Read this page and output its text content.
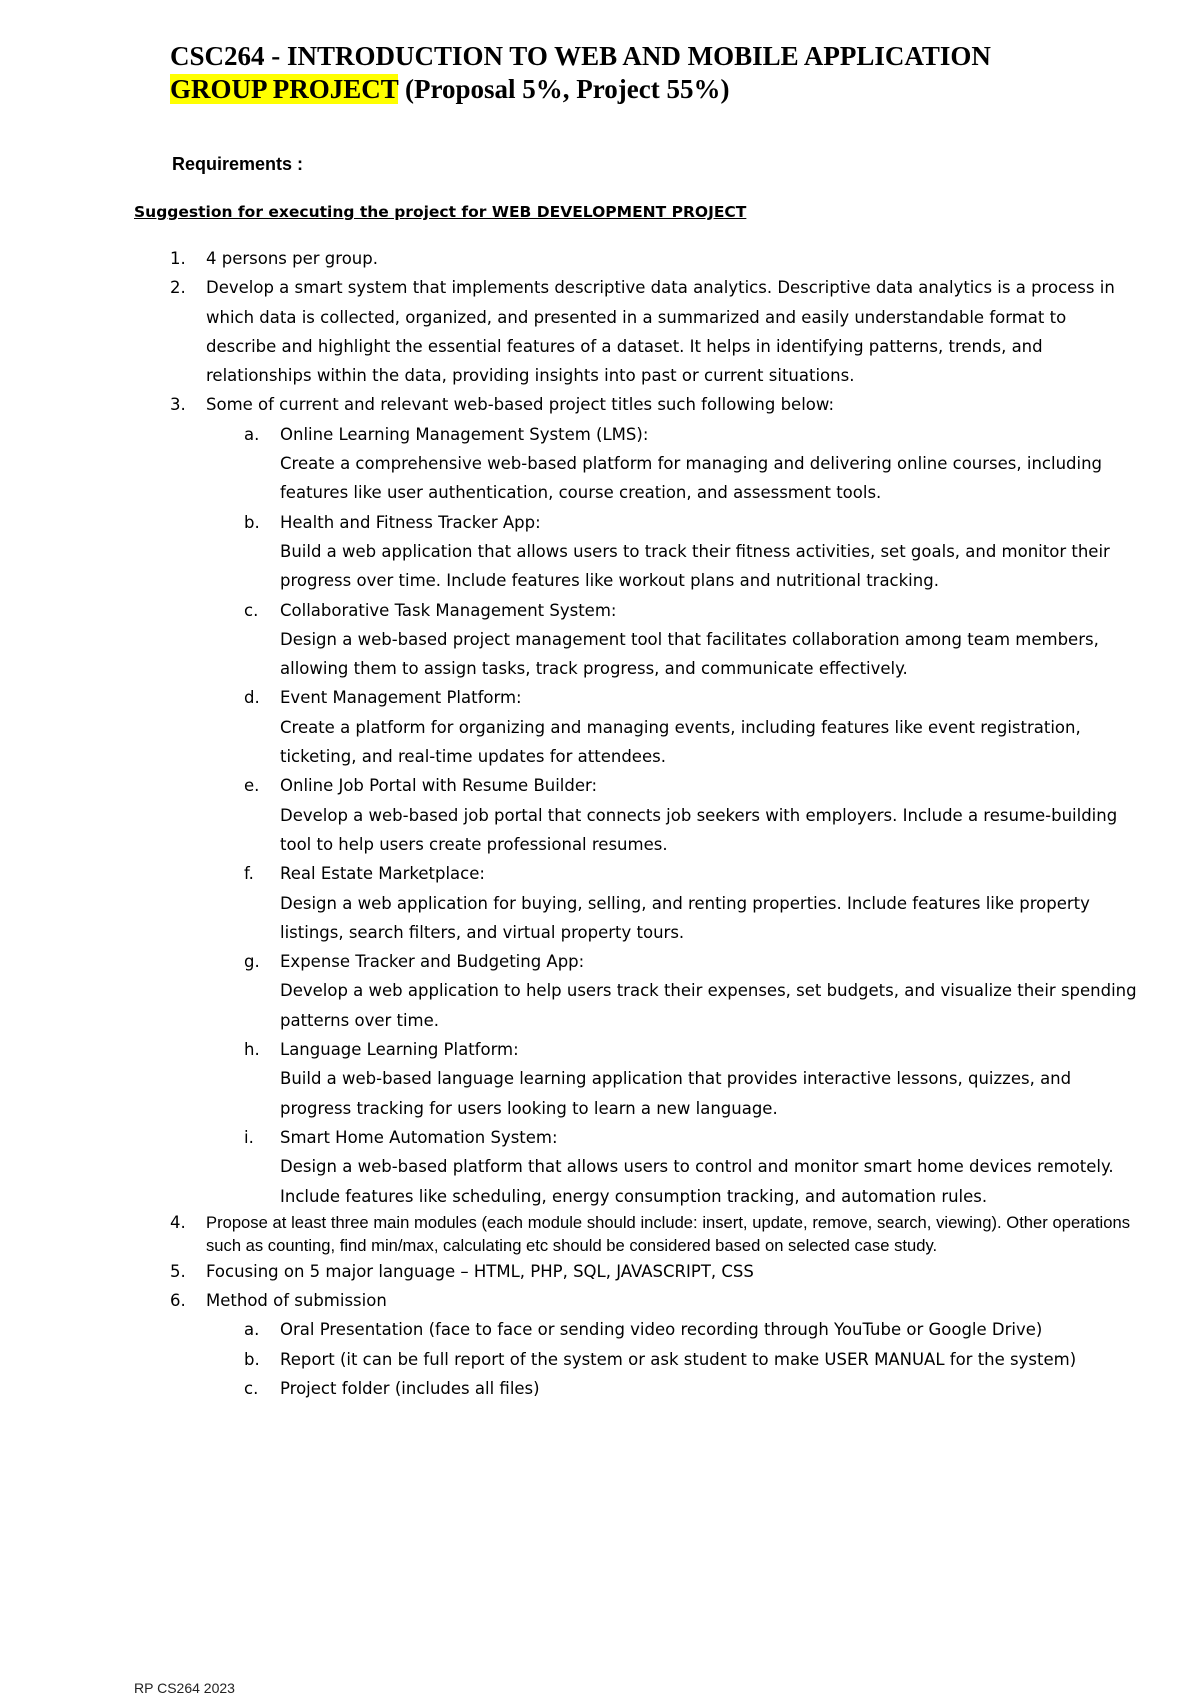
CSC264 - INTRODUCTION TO WEB AND MOBILE APPLICATION
GROUP PROJECT (Proposal 5%, Project 55%)
Requirements :
Suggestion for executing the project for WEB DEVELOPMENT PROJECT
1. 4 persons per group.
2. Develop a smart system that implements descriptive data analytics. Descriptive data analytics is a process in which data is collected, organized, and presented in a summarized and easily understandable format to describe and highlight the essential features of a dataset. It helps in identifying patterns, trends, and relationships within the data, providing insights into past or current situations.
3. Some of current and relevant web-based project titles such following below:
a. Online Learning Management System (LMS):
Create a comprehensive web-based platform for managing and delivering online courses, including features like user authentication, course creation, and assessment tools.
b. Health and Fitness Tracker App:
Build a web application that allows users to track their fitness activities, set goals, and monitor their progress over time. Include features like workout plans and nutritional tracking.
c. Collaborative Task Management System:
Design a web-based project management tool that facilitates collaboration among team members, allowing them to assign tasks, track progress, and communicate effectively.
d. Event Management Platform:
Create a platform for organizing and managing events, including features like event registration, ticketing, and real-time updates for attendees.
e. Online Job Portal with Resume Builder:
Develop a web-based job portal that connects job seekers with employers. Include a resume-building tool to help users create professional resumes.
f. Real Estate Marketplace:
Design a web application for buying, selling, and renting properties. Include features like property listings, search filters, and virtual property tours.
g. Expense Tracker and Budgeting App:
Develop a web application to help users track their expenses, set budgets, and visualize their spending patterns over time.
h. Language Learning Platform:
Build a web-based language learning application that provides interactive lessons, quizzes, and progress tracking for users looking to learn a new language.
i. Smart Home Automation System:
Design a web-based platform that allows users to control and monitor smart home devices remotely. Include features like scheduling, energy consumption tracking, and automation rules.
4. Propose at least three main modules (each module should include: insert, update, remove, search, viewing). Other operations such as counting, find min/max, calculating etc should be considered based on selected case study.
5. Focusing on 5 major language – HTML, PHP, SQL, JAVASCRIPT, CSS
6. Method of submission
a. Oral Presentation (face to face or sending video recording through YouTube or Google Drive)
b. Report (it can be full report of the system or ask student to make USER MANUAL for the system)
c. Project folder (includes all files)
RP CS264 2023
